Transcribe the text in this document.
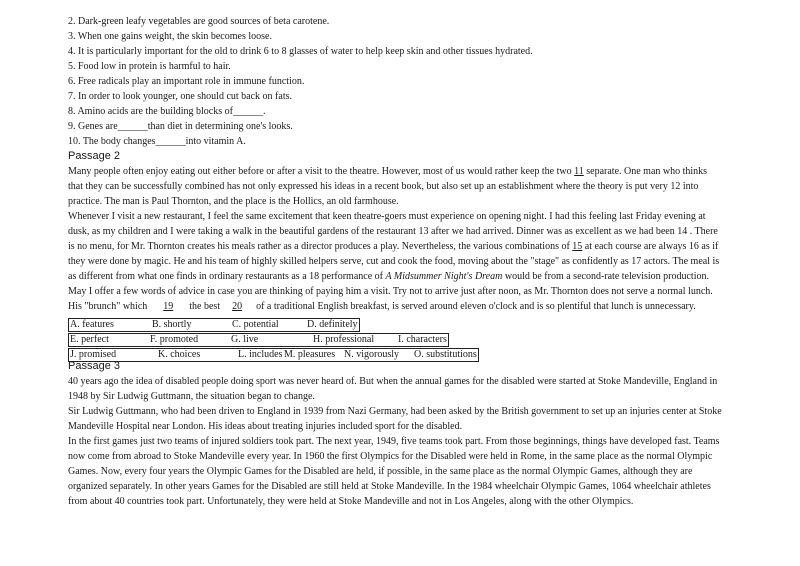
2. Dark-green leafy vegetables are good sources of beta carotene.
3. When one gains weight, the skin becomes loose.
4. It is particularly important for the old to drink 6 to 8 glasses of water to help keep skin and other tissues hydrated.
5. Food low in protein is harmful to hair.
6. Free radicals play an important role in immune function.
7. In order to look younger, one should cut back on fats.
8. Amino acids are the building blocks of______.
9. Genes are______than diet in determining one's looks.
10. The body changes______into vitamin A.
Passage 2
Many people often enjoy eating out either before or after a visit to the theatre. However, most of us would rather keep the two 11 separate. One man who thinks that they can be successfully combined has not only expressed his ideas in a recent book, but also set up an establishment where the theory is put very 12 into practice. The man is Paul Thornton, and the place is the Hollics, an old farmhouse.
Whenever I visit a new restaurant, I feel the same excitement that keen theatre-goers must experience on opening night. I had this feeling last Friday evening at dusk, as my children and I were taking a walk in the beautiful gardens of the restaurant 13 after we had arrived. Dinner was as excellent as we had been 14 . There is no menu, for Mr. Thornton creates his meals rather as a director produces a play. Nevertheless, the various combinations of 15 at each course are always 16 as if they were done by magic. He and his team of highly skilled helpers serve, cut and cook the food, moving about the "stage" as confidently as 17 actors. The meal is as different from what one finds in ordinary restaurants as a 18 performance of A Midsummer Night's Dream would be from a second-rate television production.
May I offer a few words of advice in case you are thinking of paying him a visit. Try not to arrive just after noon, as Mr. Thornton does not serve a normal lunch.
His "brunch" which 19 the best 20 of a traditional English breakfast, is served around eleven o'clock and is so plentiful that lunch is unnecessary.
A. features	B. shortly	C. potential	D. definitely
E. perfect	F. promoted	G. live	H. professional I. characters
J. promised	K. choices	L. includes M. pleasures N. vigorously O. substitutions
Passage 3
40 years ago the idea of disabled people doing sport was never heard of. But when the annual games for the disabled were started at Stoke Mandeville, England in 1948 by Sir Ludwig Guttmann, the situation began to change.
Sir Ludwig Guttmann, who had been driven to England in 1939 from Nazi Germany, had been asked by the British government to set up an injuries center at Stoke Mandeville Hospital near London. His ideas about treating injuries included sport for the disabled.
In the first games just two teams of injured soldiers took part. The next year, 1949, five teams took part. From those beginnings, things have developed fast. Teams now come from abroad to Stoke Mandeville every year. In 1960 the first Olympics for the Disabled were held in Rome, in the same place as the normal Olympic Games. Now, every four years the Olympic Games for the Disabled are held, if possible, in the same place as the normal Olympic Games, although they are organized separately. In other years Games for the Disabled are still held at Stoke Mandeville. In the 1984 wheelchair Olympic Games, 1064 wheelchair athletes from about 40 countries took part. Unfortunately, they were held at Stoke Mandeville and not in Los Angeles, along with the other Olympics.
